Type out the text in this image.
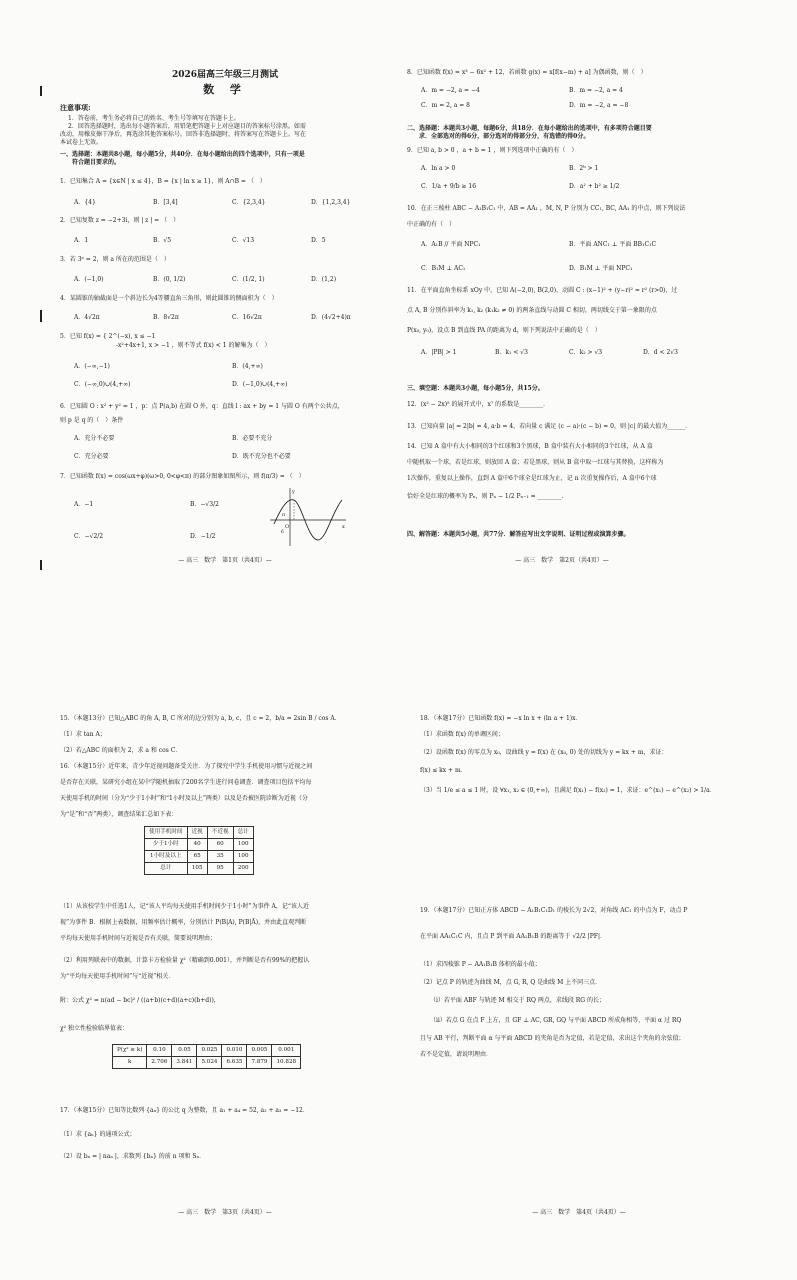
2026届高三年级三月测试
数 学
注意事项:
1．答卷前，考生务必将自己的姓名、考生号等填写在答题卡上。
2．回答选择题时，选出每小题答案后，用铅笔把答题卡上对应题目的答案标号涂黑。如需
改动，用橡皮擦干净后，再选涂其他答案标号。回答非选择题时，将答案写在答题卡上。写在
本试卷上无效。
一、选择题：本题共8小题，每小题5分，共40分．在每小题给出的四个选项中，只有一项是
符合题目要求的。
1．已知集合 A = {x∈N | x ≤ 4}，B = {x | ln x ≥ 1}，则 A∩B = （　）
A．{4}	B．[3,4]	C．{2,3,4}	D．{1,2,3,4}
2．已知复数 z = −2+3i，则 | z | = （　）
A．1	B．√5	C．√13	D．5
3．若 3ᵃ = 2，则 a 所在的范围是（　）
A．(−1,0)	B．(0, 1/2)	C．(1/2, 1)	D．(1,2)
4．某圆锥的轴截面是一个斜边长为4等腰直角三角形，则此圆锥的侧面积为（　）
A．4√2π	B．8√2π	C．16√2π	D．(4√2+4)π
5．已知 f(x) = { 2^(−x), x ≤ −1
-x²+4x+1, x > −1 ，则不等式 f(x) < 1 的解集为（　）
A．(−∞,−1)	B．(4,+∞)
C．(−∞,0)∪(4,+∞)	D．(−1,0)∪(4,+∞)
6．已知圆 O : x² + y² = 1 ，p：点 P(a,b) 在圆 O 外，q：直线 l : ax + by = 1 与圆 O 有两个公共点，
则 p 是 q 的（　）条件
A．充分不必要	B．必要不充分
C．充分必要	D．既不充分也不必要
7．已知函数 f(x) = cos(ωx+φ)(ω>0, 0<φ<π) 的部分图象如图所示，则 f(π/3) = （　）
A．−1	B．−√3/2
C．−√2/2	D．−1/2
O
y
x
π
6
— 高三　数学　第1页（共4页）—
8．已知函数 f(x) = x³ − 6x² + 12，若函数 g(x) = x[f(x−m) + a] 为偶函数，则（　）
A．m = −2, a = −4	B．m = −2, a = 4
C．m = 2, a = 8	D．m = −2, a = −8
二、选择题：本题共3小题，每题6分，共18分．在每小题给出的选项中，有多项符合题目要
求．全部选对的得6分，部分选对的得部分分，有选错的得0分。
9．已知 a, b > 0 ，a + b = 1 ，则下列选项中正确的有（　）
A．ln a > 0	B．2ᵇ > 1
C．1/a + 9/b ≥ 16	D．a² + b² ≥ 1/2
10．在正三棱柱 ABC − A₁B₁C₁ 中，AB = AA₁ ，M, N, P 分别为 CC₁, BC, AA₁ 的中点，则下列说法
中正确的有（　）
A．A₁B // 平面 NPC₁	B．平面 ANC₁ ⊥ 平面 BB₁C₁C
C．B₁M ⊥ AC₁	D．B₁M ⊥ 平面 NPC₁
11．在平面直角坐标系 xOy 中，已知 A(−2,0), B(2,0)，动圆 C : (x−1)² + (y−r)² = r² (r>0)，过
点 A, B 分别作斜率为 k₁, k₂ (k₁k₂ ≠ 0) 的两条直线与动圆 C 相切，两切线交于第一象限的点
P(x₀, y₀)，设点 B 到直线 PA 的距离为 d，则下列说法中正确的是（　）
A．|PB| > 1	B．k₁ < √3	C．k₂ > √3	D．d < 2√3
三、填空题：本题共3小题，每小题5分，共15分。
12．(x² − 2x)⁵ 的展开式中，x⁷ 的系数是________．
13．已知向量 |a| = 2|b| = 4, a·b = 4，若向量 c 满足 (c − a)·(c − b) = 0，则 |c| 的最大值为______．
14．已知 A 盒中有大小相同的3个红球和3个黑球，B 盒中装有大小相同的3个红球，从 A 盒
中随机取一个球，若是红球，则放回 A 盒；若是黑球，则从 B 盒中取一红球与其替换，这样称为
1次操作，重复以上操作，直到 A 盒中6个球全是红球为止，记 n 次重复操作后，A 盒中6个球
恰好全是红球的概率为 Pₙ，则 Pₙ − 1/2 Pₙ₋₁ = ________．
四、解答题：本题共5小题，共77分．解答应写出文字说明、证明过程或演算步骤。
— 高三　数学　第2页（共4页）—
15．（本题13分）已知△ABC 的角 A, B, C 所对的边分别为 a, b, c，且 c = 2，b/a = 2sin B / cos A．
（1）求 tan A；
（2）若△ABC 的面积为 2，求 a 和 cos C．
16．（本题15分）近年来，青少年近视问题备受关注．为了探究中学生手机使用习惯与近视之间
是否存在关联，某研究小组在某中学随机抽取了200名学生进行问卷调查．调查项目包括平均每
天使用手机的时间（分为“少于1小时”和“1小时及以上”两类）以及是否被医院诊断为近视（分
为“是”和“否”两类），调查结果汇总如下表：
使用手机时间	近视	不近视	总计
少于1小时	40	60	100
1小时及以上	65	35	100
总计	105	95	200
（1）从该校学生中任选1人，记“该人平均每天使用手机时间少于1小时”为事件 A，记“该人近
视”为事件 B．根据上表数据，用频率估计概率，分别估计 P(B|A), P(B|Ā)，并由此直观判断
平均每天使用手机时间与近视是否有关联，简要说明理由；
（2）利用列联表中的数据，计算卡方检验量 χ²（精确到0.001），并判断是否有99%的把握认
为“平均每天使用手机时间”与“近视”相关．
附：公式 χ² = n(ad − bc)² / ((a+b)(c+d)(a+c)(b+d))，
χ² 独立性检验临界值表：
P(χ² ≥ k)	0.10	0.05	0.025	0.010	0.005	0.001
k	2.706	3.841	5.024	6.635	7.879	10.828
17．（本题15分）已知等比数列 {aₙ} 的公比 q 为整数，且 a₁ + a₄ = 52, a₂ + a₃ = −12．
（1）求 {aₙ} 的通项公式；
（2）设 bₙ = | naₙ |，求数列 {bₙ} 的前 n 项和 Sₙ．
— 高三　数学　第3页（共4页）—
18．（本题17分）已知函数 f(x) = −x ln x + (ln a + 1)x．
（1）求函数 f(x) 的单调区间；
（2）设函数 f(x) 的零点为 x₀，设曲线 y = f(x) 在 (x₀, 0) 处的切线为 y = kx + m，求证：
f(x) ≤ kx + m．
（3）当 1/e ≤ a ≤ 1 时，设 ∀x₁, x₂ ∈ (0,+∞)，且满足 f(x₁) − f(x₂) = 1，求证：e^(x₁) − e^(x₂) > 1/a．
19．（本题17分）已知正方体 ABCD − A₁B₁C₁D₁ 的棱长为 2√2，对角线 AC₁ 的中点为 F，动点 P
在平面 AA₁C₁C 内，且点 P 到平面 AA₁B₁B 的距离等于 √2/2 |PF|．
（1）求四棱锥 P − AA₁B₁B 体积的最小值；
（2）记点 P 的轨迹为曲线 M，点 G, R, Q 是曲线 M 上不同三点．
（ⅰ）若平面 ABF 与轨迹 M 相交于 RQ 两点，求线段 RG 的长；
（ⅱ）若点 G 在点 F 上方，且 GF ⊥ AC, GR, GQ 与平面 ABCD 所成角相等，平面 α 过 RQ
且与 AB 平行，判断平面 α 与平面 ABCD 的夹角是否为定值，若是定值，求出这个夹角的余弦值；
若不是定值，请说明理由．
— 高三　数学　第4页（共4页）—
